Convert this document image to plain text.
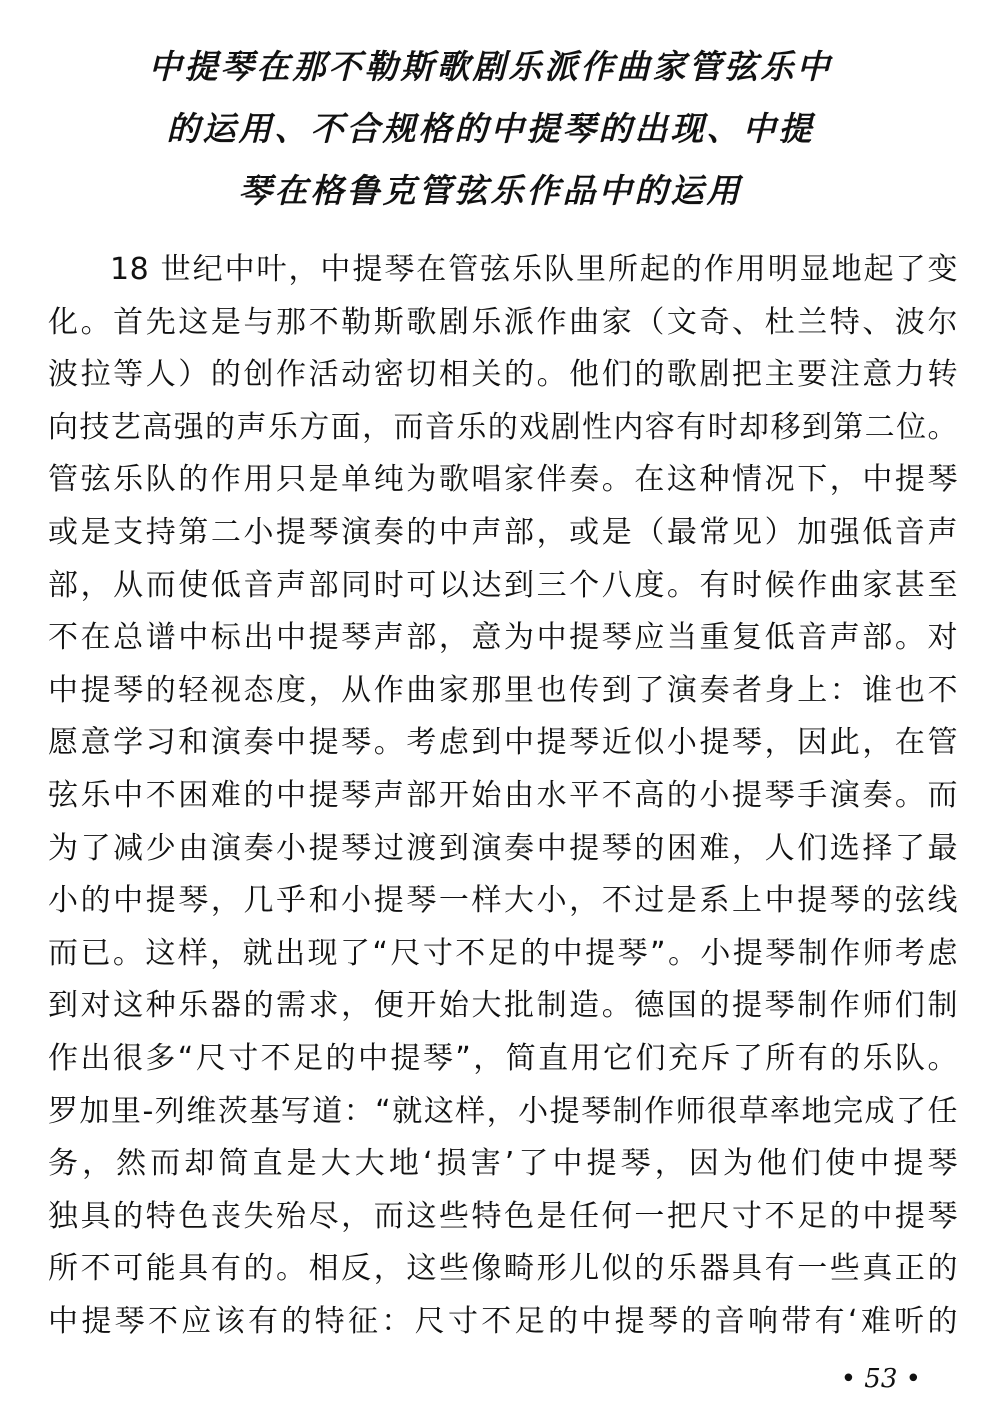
中提琴在那不勒斯歌剧乐派作曲家管弦乐中
的运用、不合规格的中提琴的出现、中提
琴在格鲁克管弦乐作品中的运用
18 世纪中叶，中提琴在管弦乐队里所起的作用明显地起了变
化。首先这是与那不勒斯歌剧乐派作曲家（文奇、杜兰特、波尔
波拉等人）的创作活动密切相关的。他们的歌剧把主要注意力转
向技艺高强的声乐方面，而音乐的戏剧性内容有时却移到第二位。
管弦乐队的作用只是单纯为歌唱家伴奏。在这种情况下，中提琴
或是支持第二小提琴演奏的中声部，或是（最常见）加强低音声
部，从而使低音声部同时可以达到三个八度。有时候作曲家甚至
不在总谱中标出中提琴声部，意为中提琴应当重复低音声部。对
中提琴的轻视态度，从作曲家那里也传到了演奏者身上：谁也不
愿意学习和演奏中提琴。考虑到中提琴近似小提琴，因此，在管
弦乐中不困难的中提琴声部开始由水平不高的小提琴手演奏。而
为了减少由演奏小提琴过渡到演奏中提琴的困难，人们选择了最
小的中提琴，几乎和小提琴一样大小，不过是系上中提琴的弦线
而已。这样，就出现了“尺寸不足的中提琴”。小提琴制作师考虑
到对这种乐器的需求，便开始大批制造。德国的提琴制作师们制
作出很多“尺寸不足的中提琴”，简直用它们充斥了所有的乐队。
罗加里-列维茨基写道：“就这样，小提琴制作师很草率地完成了任
务，然而却简直是大大地‘损害’了中提琴，因为他们使中提琴
独具的特色丧失殆尽，而这些特色是任何一把尺寸不足的中提琴
所不可能具有的。相反，这些像畸形儿似的乐器具有一些真正的
中提琴不应该有的特征：尺寸不足的中提琴的音响带有‘难听的
• 53 •
